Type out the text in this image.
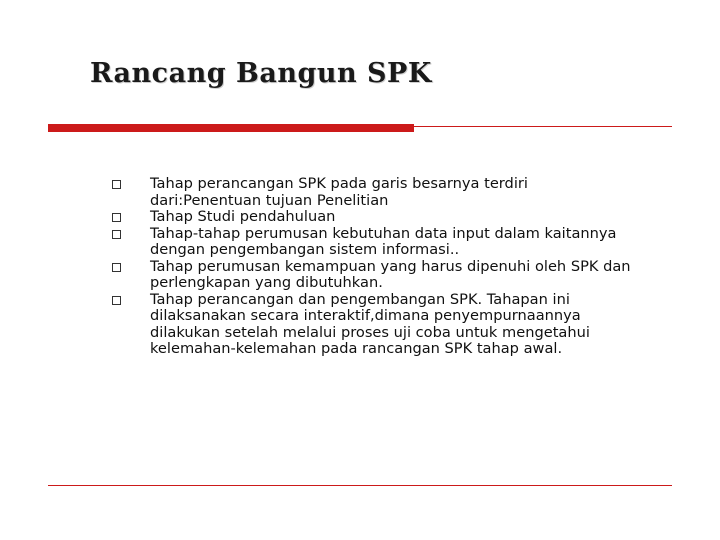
Rancang Bangun SPK
Tahap perancangan SPK pada garis besarnya terdiri dari:Penentuan tujuan Penelitian
Tahap Studi pendahuluan
Tahap-tahap perumusan kebutuhan data input dalam kaitannya dengan pengembangan sistem informasi..
Tahap perumusan kemampuan yang harus dipenuhi oleh SPK dan perlengkapan yang dibutuhkan.
Tahap perancangan dan pengembangan SPK. Tahapan ini dilaksanakan secara interaktif,dimana penyempurnaannya dilakukan setelah melalui proses uji coba untuk mengetahui kelemahan-kelemahan pada rancangan SPK tahap awal.
